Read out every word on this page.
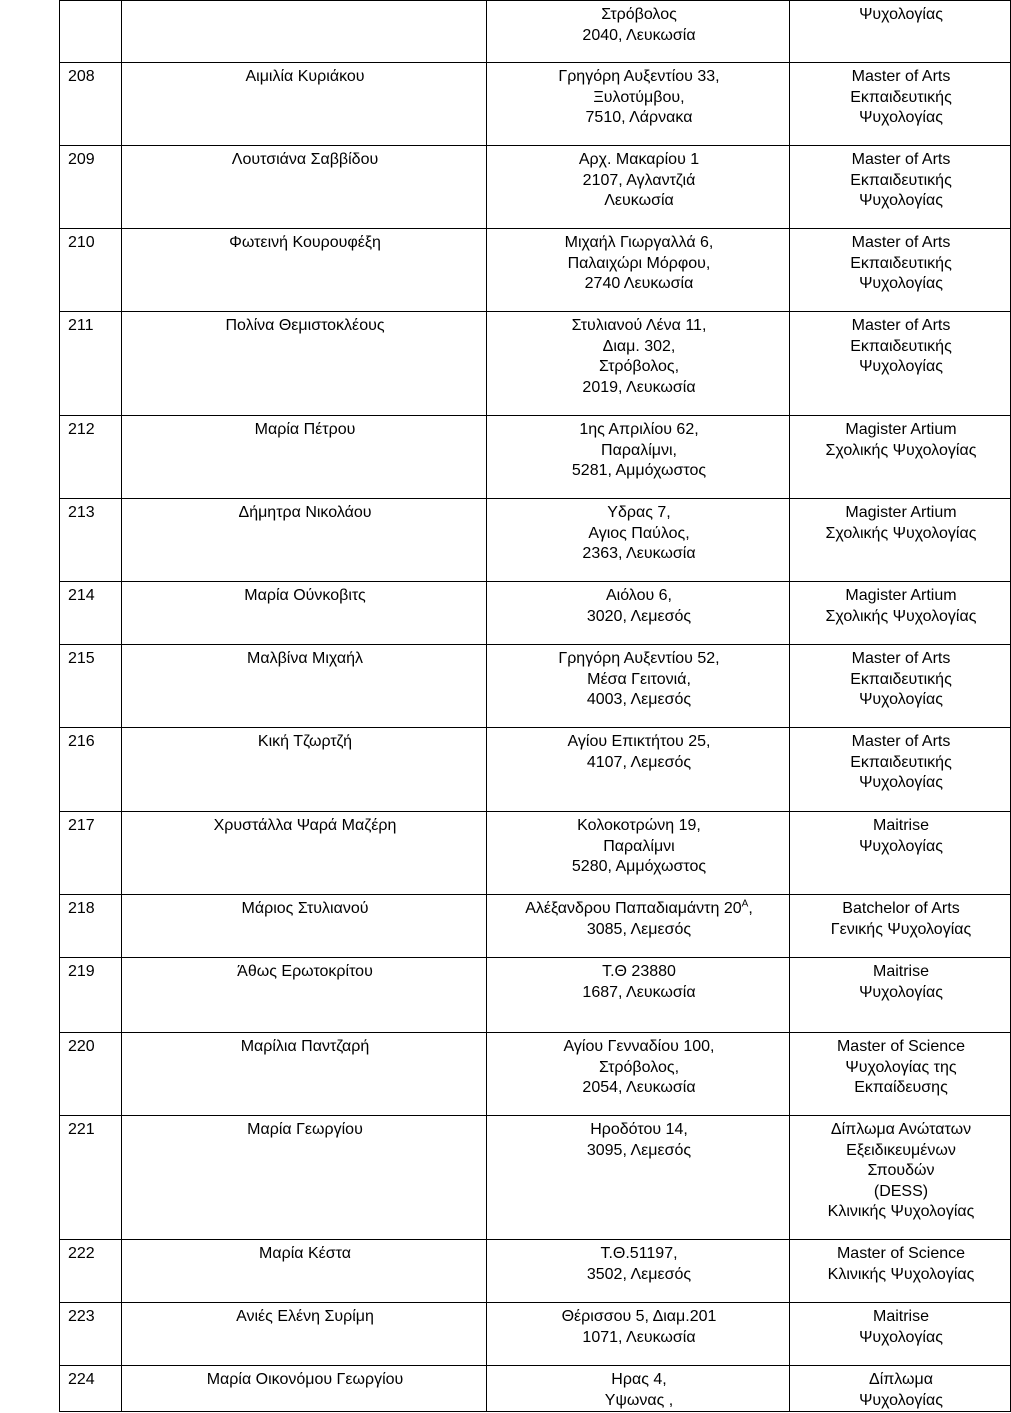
		Στρόβολος
2040, Λευκωσία	Ψυχολογίας

208	Αιμιλία Κυριάκου	Γρηγόρη Αυξεντίου 33,
Ξυλοτύμβου,
7510, Λάρνακα	Master of Arts
Εκπαιδευτικής
Ψυχολογίας

209	Λουτσιάνα Σαββίδου	Αρχ. Μακαρίου 1
2107, Αγλαντζιά
Λευκωσία	Master of Arts
Εκπαιδευτικής
Ψυχολογίας

210	Φωτεινή Κουρουφέξη	Μιχαήλ Γιωργαλλά 6,
Παλαιχώρι Μόρφου,
2740 Λευκωσία	Master of Arts
Εκπαιδευτικής
Ψυχολογίας

211	Πολίνα Θεμιστοκλέους	Στυλιανού Λένα 11,
Διαμ. 302,
Στρόβολος,
2019, Λευκωσία	Master of Arts
Εκπαιδευτικής
Ψυχολογίας

212	Μαρία Πέτρου	1ης Απριλίου 62,
Παραλίμνι,
5281, Αμμόχωστος	Magister Artium
Σχολικής Ψυχολογίας

213	Δήμητρα Νικολάου	Υδρας 7,
Αγιος Παύλος,
2363, Λευκωσία	Magister Artium
Σχολικής Ψυχολογίας

214	Μαρία Ούνκοβιτς	Αιόλου 6,
3020, Λεμεσός	Magister Artium
Σχολικής Ψυχολογίας

215	Μαλβίνα Μιχαήλ	Γρηγόρη Αυξεντίου 52,
Μέσα Γειτονιά,
4003, Λεμεσός	Master of Arts
Εκπαιδευτικής
Ψυχολογίας

216	Κική Τζωρτζή	Αγίου Επικτήτου 25,
4107, Λεμεσός	Master of Arts
Εκπαιδευτικής
Ψυχολογίας

217	Χρυστάλλα Ψαρά Μαζέρη	Κολοκοτρώνη 19,
Παραλίμνι
5280, Αμμόχωστος	Maitrise
Ψυχολογίας

218	Μάριος Στυλιανού	Αλέξανδρου Παπαδιαμάντη $20^A$,
3085, Λεμεσός	Batchelor of Arts
Γενικής Ψυχολογίας

219	Άθως Ερωτοκρίτου	Τ.Θ 23880
1687, Λευκωσία	Maitrise
Ψυχολογίας

220	Μαρίλια Παντζαρή	Αγίου Γενναδίου 100,
Στρόβολος,
2054, Λευκωσία	Master of Science
Ψυχολογίας της
Εκπαίδευσης

221	Μαρία Γεωργίου	Ηροδότου 14,
3095, Λεμεσός	Δίπλωμα Ανώτατων
Εξειδικευμένων
Σπουδών
(DESS)
Κλινικής Ψυχολογίας

222	Μαρία Κέστα	Τ.Θ.51197,
3502, Λεμεσός	Master of Science
Κλινικής Ψυχολογίας

223	Ανιές Ελένη Συρίμη	Θέρισσου 5, Διαμ.201
1071, Λευκωσία	Maitrise
Ψυχολογίας

224	Μαρία Οικονόμου Γεωργίου	Ηρας 4,
Υψωνας ,	Δίπλωμα
Ψυχολογίας
